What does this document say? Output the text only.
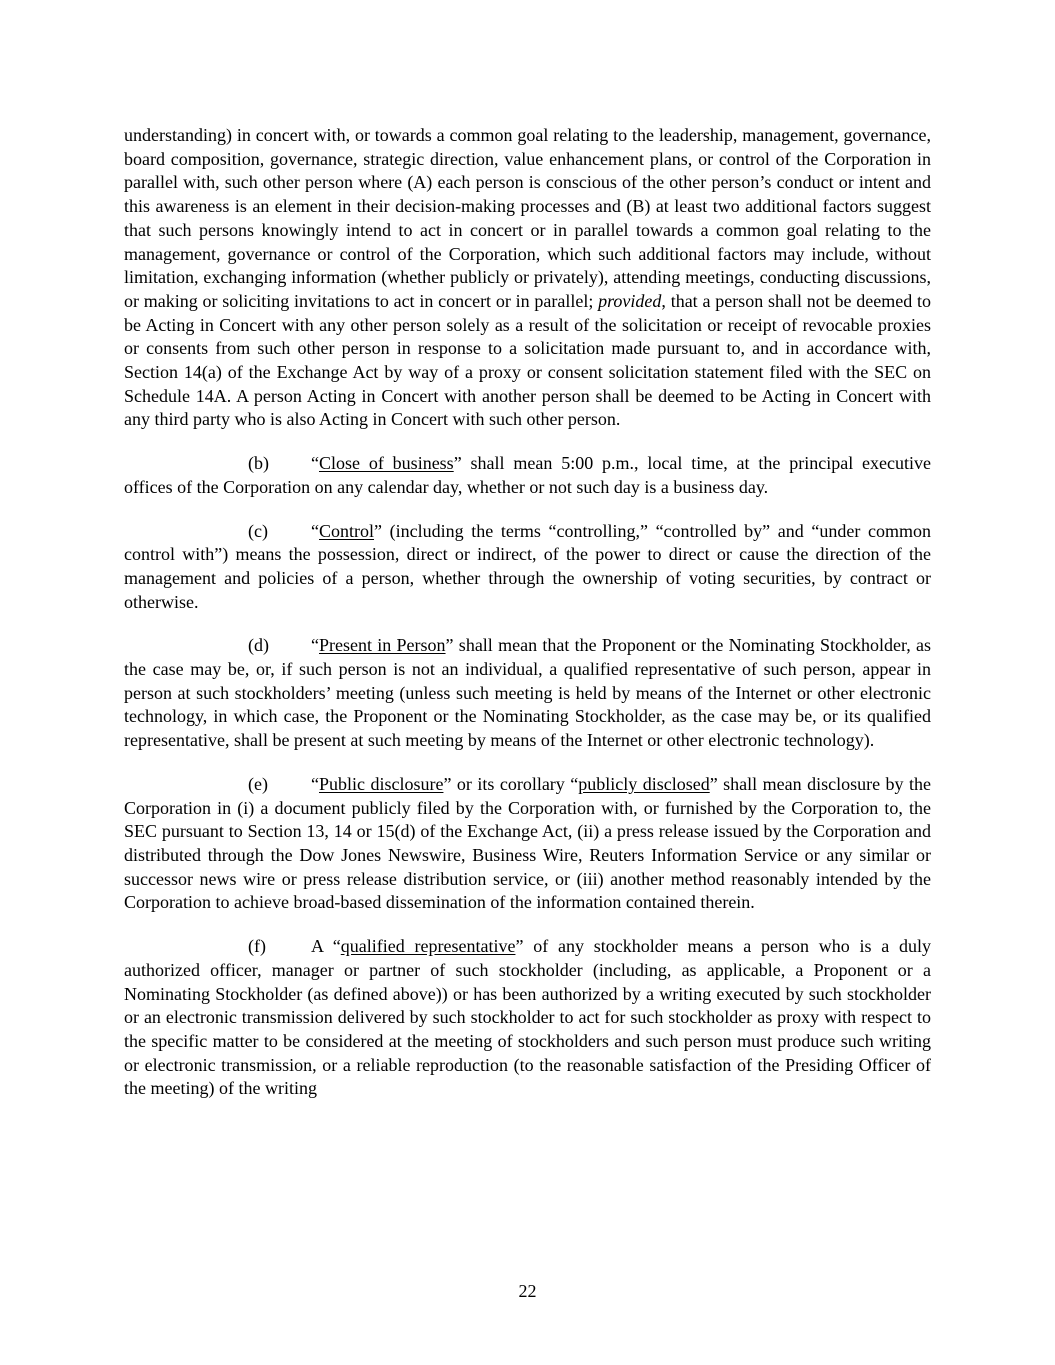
understanding) in concert with, or towards a common goal relating to the leadership, management, governance, board composition, governance, strategic direction, value enhancement plans, or control of the Corporation in parallel with, such other person where (A) each person is conscious of the other person’s conduct or intent and this awareness is an element in their decision-making processes and (B) at least two additional factors suggest that such persons knowingly intend to act in concert or in parallel towards a common goal relating to the management, governance or control of the Corporation, which such additional factors may include, without limitation, exchanging information (whether publicly or privately), attending meetings, conducting discussions, or making or soliciting invitations to act in concert or in parallel; provided, that a person shall not be deemed to be Acting in Concert with any other person solely as a result of the solicitation or receipt of revocable proxies or consents from such other person in response to a solicitation made pursuant to, and in accordance with, Section 14(a) of the Exchange Act by way of a proxy or consent solicitation statement filed with the SEC on Schedule 14A. A person Acting in Concert with another person shall be deemed to be Acting in Concert with any third party who is also Acting in Concert with such other person.

(b) “Close of business” shall mean 5:00 p.m., local time, at the principal executive offices of the Corporation on any calendar day, whether or not such day is a business day.

(c) “Control” (including the terms “controlling,” “controlled by” and “under common control with”) means the possession, direct or indirect, of the power to direct or cause the direction of the management and policies of a person, whether through the ownership of voting securities, by contract or otherwise.

(d) “Present in Person” shall mean that the Proponent or the Nominating Stockholder, as the case may be, or, if such person is not an individual, a qualified representative of such person, appear in person at such stockholders’ meeting (unless such meeting is held by means of the Internet or other electronic technology, in which case, the Proponent or the Nominating Stockholder, as the case may be, or its qualified representative, shall be present at such meeting by means of the Internet or other electronic technology).

(e) “Public disclosure” or its corollary “publicly disclosed” shall mean disclosure by the Corporation in (i) a document publicly filed by the Corporation with, or furnished by the Corporation to, the SEC pursuant to Section 13, 14 or 15(d) of the Exchange Act, (ii) a press release issued by the Corporation and distributed through the Dow Jones Newswire, Business Wire, Reuters Information Service or any similar or successor news wire or press release distribution service, or (iii) another method reasonably intended by the Corporation to achieve broad-based dissemination of the information contained therein.

(f)	A “qualified representative” of any stockholder means a person who is a duly authorized officer, manager or partner of such stockholder (including, as applicable, a Proponent or a Nominating Stockholder (as defined above)) or has been authorized by a writing executed by such stockholder or an electronic transmission delivered by such stockholder to act for such stockholder as proxy with respect to the specific matter to be considered at the meeting of stockholders and such person must produce such writing or electronic transmission, or a reliable reproduction (to the reasonable satisfaction of the Presiding Officer of the meeting) of the writing

22
